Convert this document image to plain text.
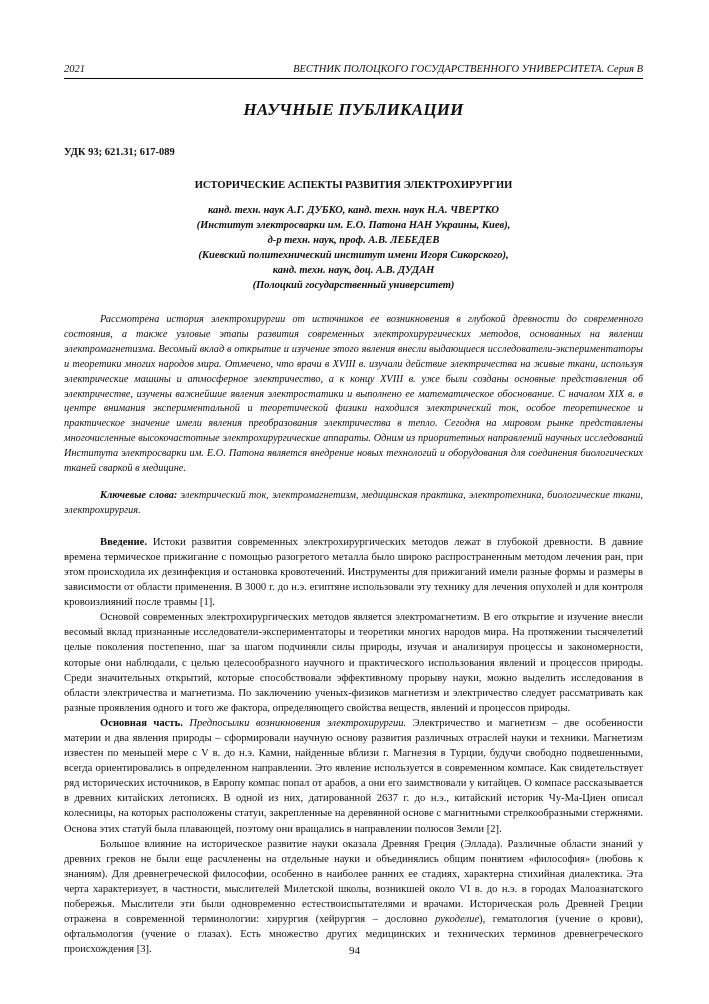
2021	ВЕСТНИК ПОЛОЦКОГО ГОСУДАРСТВЕННОГО УНИВЕРСИТЕТА. Серия В
НАУЧНЫЕ ПУБЛИКАЦИИ
УДК 93; 621.31; 617-089
ИСТОРИЧЕСКИЕ АСПЕКТЫ РАЗВИТИЯ ЭЛЕКТРОХИРУРГИИ
канд. техн. наук А.Г. ДУБКО, канд. техн. наук Н.А. ЧВЕРТКО
(Институт электросварки им. Е.О. Патона НАН Украины, Киев),
д-р техн. наук, проф. А.В. ЛЕБЕДЕВ
(Киевский политехнический институт имени Игоря Сикорского),
канд. техн. наук, доц. А.В. ДУДАН
(Полоцкий государственный университет)
Рассмотрена история электрохирургии от источников ее возникновения в глубокой древности до современного состояния, а также узловые этапы развития современных электрохирургических методов, основанных на явлении электромагнетизма. Весомый вклад в открытие и изучение этого явления внесли выдающиеся исследователи-экспериментаторы и теоретики многих народов мира. Отмечено, что врачи в XVIII в. изучали действие электричества на живые ткани, используя электрические машины и атмосферное электричество, а к концу XVIII в. уже были созданы основные представления об электричестве, изучены важнейшие явления электростатики и выполнено ее математическое обоснование. С началом XIX в. в центре внимания экспериментальной и теоретической физики находился электрический ток, особое теоретическое и практическое значение имели явления преобразования электричества в тепло. Сегодня на мировом рынке представлены многочисленные высокочастотные электрохирургические аппараты. Одним из приоритетных направлений научных исследований Института электросварки им. Е.О. Патона является внедрение новых технологий и оборудования для соединения биологических тканей сваркой в медицине.
Ключевые слова: электрический ток, электромагнетизм, медицинская практика, электротехника, биологические ткани, электрохирургия.

Введение. Истоки развития современных электрохирургических методов лежат в глубокой древности. В давние времена термическое прижигание с помощью разогретого металла было широко распространенным методом лечения ран, при этом происходила их дезинфекция и остановка кровотечений. Инструменты для прижиганий имели разные формы и размеры в зависимости от области применения. В 3000 г. до н.э. египтяне использовали эту технику для лечения опухолей и для контроля кровоизлияний после травмы [1].

Основой современных электрохирургических методов является электромагнетизм. В его открытие и изучение внесли весомый вклад признанные исследователи-экспериментаторы и теоретики многих народов мира. На протяжении тысячелетий целые поколения постепенно, шаг за шагом подчиняли силы природы, изучая и анализируя процессы и закономерности, которые они наблюдали, с целью целесообразного научного и практического использования явлений и процессов природы. Среди значительных открытий, которые способствовали эффективному прорыву науки, можно выделить исследования в области электричества и магнетизма. По заключению ученых-физиков магнетизм и электричество следует рассматривать как разные проявления одного и того же фактора, определяющего свойства веществ, явлений и процессов природы.

Основная часть. Предпосылки возникновения электрохирургии. Электричество и магнетизм – две особенности материи и два явления природы – сформировали научную основу развития различных отраслей науки и техники. Магнетизм известен по меньшей мере с V в. до н.э. Камни, найденные вблизи г. Магнезия в Турции, будучи свободно подвешенными, всегда ориентировались в определенном направлении. Это явление используется в современном компасе. Как свидетельствует ряд исторических источников, в Европу компас попал от арабов, а они его заимствовали у китайцев. О компасе рассказывается в древних китайских летописях. В одной из них, датированной 2637 г. до н.э., китайский историк Чу-Ма-Циен описал колесницы, на которых расположены статуи, закрепленные на деревянной основе с магнитными стрелкообразными стержнями. Основа этих статуй была плавающей, поэтому они вращались в направлении полюсов Земли [2].

Большое влияние на историческое развитие науки оказала Древняя Греция (Эллада). Различные области знаний у древних греков не были еще расчленены на отдельные науки и объединялись общим понятием «философия» (любовь к знаниям). Для древнегреческой философии, особенно в наиболее ранних ее стадиях, характерна стихийная диалектика. Эта черта характеризует, в частности, мыслителей Милетской школы, возникшей около VI в. до н.э. в городах Малоазиатского побережья. Мыслители эти были одновременно естествоиспытателями и врачами. Историческая роль Древней Греции отражена в современной терминологии: хирургия (хейрургия – дословно рукоделие), гематология (учение о крови), офтальмология (учение о глазах). Есть множество других медицинских и технических терминов древнегреческого происхождения [3].	94
